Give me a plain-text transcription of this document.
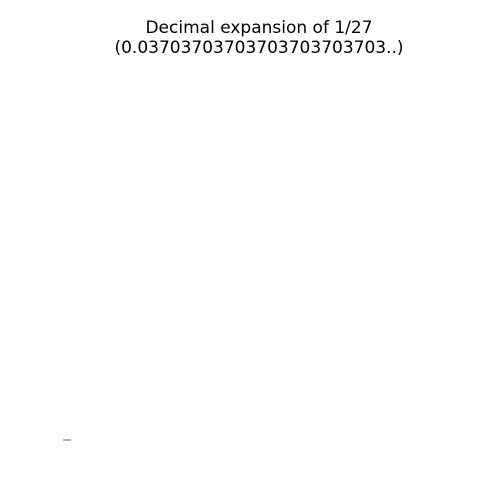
Decimal expansion of 1/27
(0.03703703703703703703703..)
